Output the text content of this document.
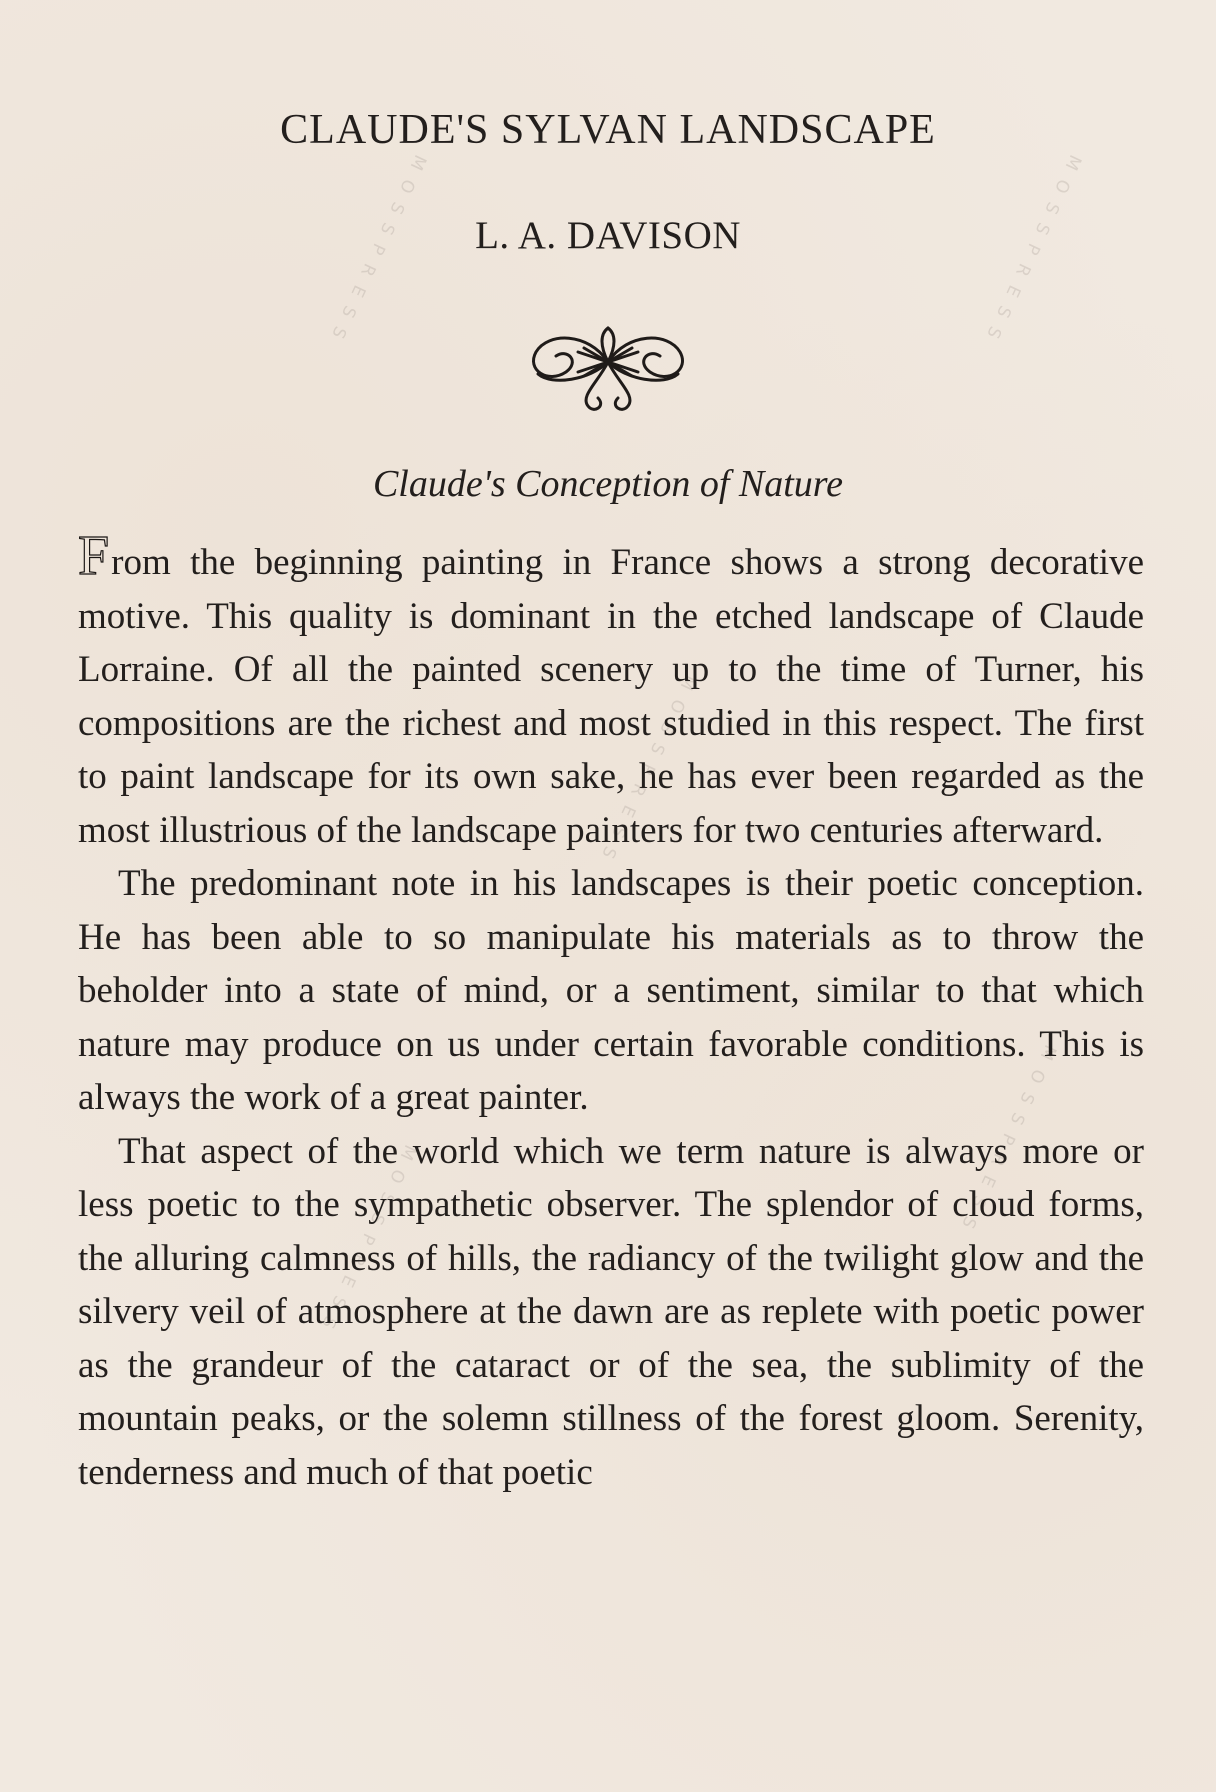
MOSSPRESS	MOSSPRESS
MOSSPRESS
MOSSPRESS	MOSSPRESS
CLAUDE'S SYLVAN LANDSCAPE
L. A. DAVISON
Claude's Conception of Nature

From the beginning painting in France shows a strong decorative motive. This quality is dominant in the etched landscape of Claude Lorraine. Of all the painted scenery up to the time of Turner, his compositions are the richest and most studied in this respect. The first to paint landscape for its own sake, he has ever been regarded as the most illustrious of the landscape painters for two centuries afterward.

The predominant note in his landscapes is their poetic conception. He has been able to so manipulate his materials as to throw the beholder into a state of mind, or a sentiment, similar to that which nature may produce on us under certain favorable conditions. This is always the work of a great painter.

That aspect of the world which we term nature is always more or less poetic to the sympathetic observer. The splendor of cloud forms, the alluring calmness of hills, the radiancy of the twilight glow and the silvery veil of atmosphere at the dawn are as replete with poetic power as the grandeur of the cataract or of the sea, the sublimity of the mountain peaks, or the solemn stillness of the forest gloom. Serenity, tenderness and much of that poetic
